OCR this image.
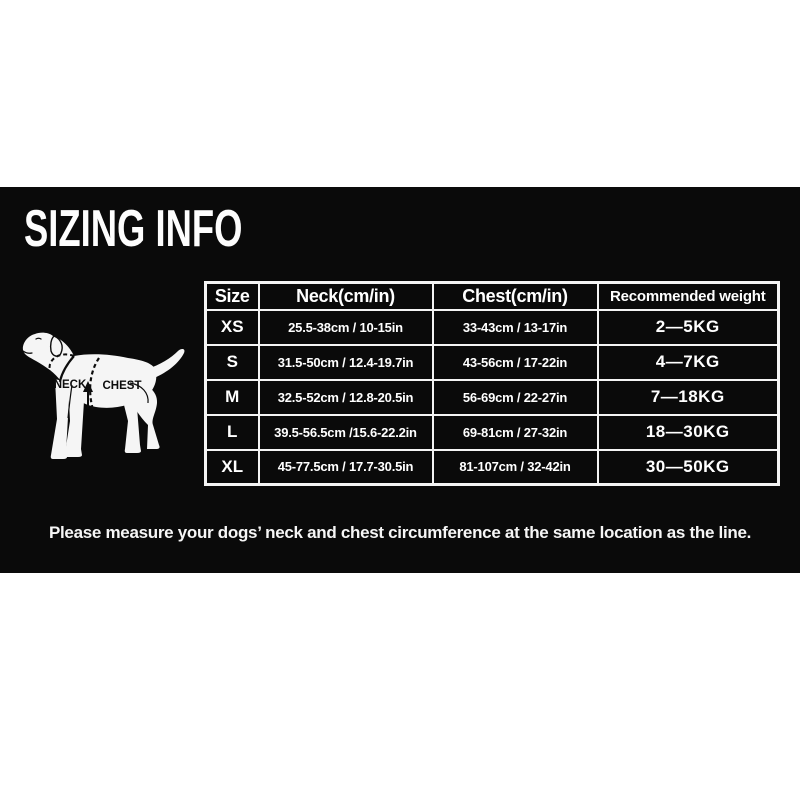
SIZING INFO
NECK CHEST
Size	Neck(cm/in)	Chest(cm/in)	Recommended weight
XS	25.5-38cm / 10-15in	33-43cm / 13-17in	2—5KG
S	31.5-50cm / 12.4-19.7in	43-56cm / 17-22in	4—7KG
M	32.5-52cm / 12.8-20.5in	56-69cm / 22-27in	7—18KG
L	39.5-56.5cm /15.6-22.2in	69-81cm / 27-32in	18—30KG
XL	45-77.5cm / 17.7-30.5in	81-107cm / 32-42in	30—50KG
Please measure your dogs’ neck and chest circumference at the same location as the line.
